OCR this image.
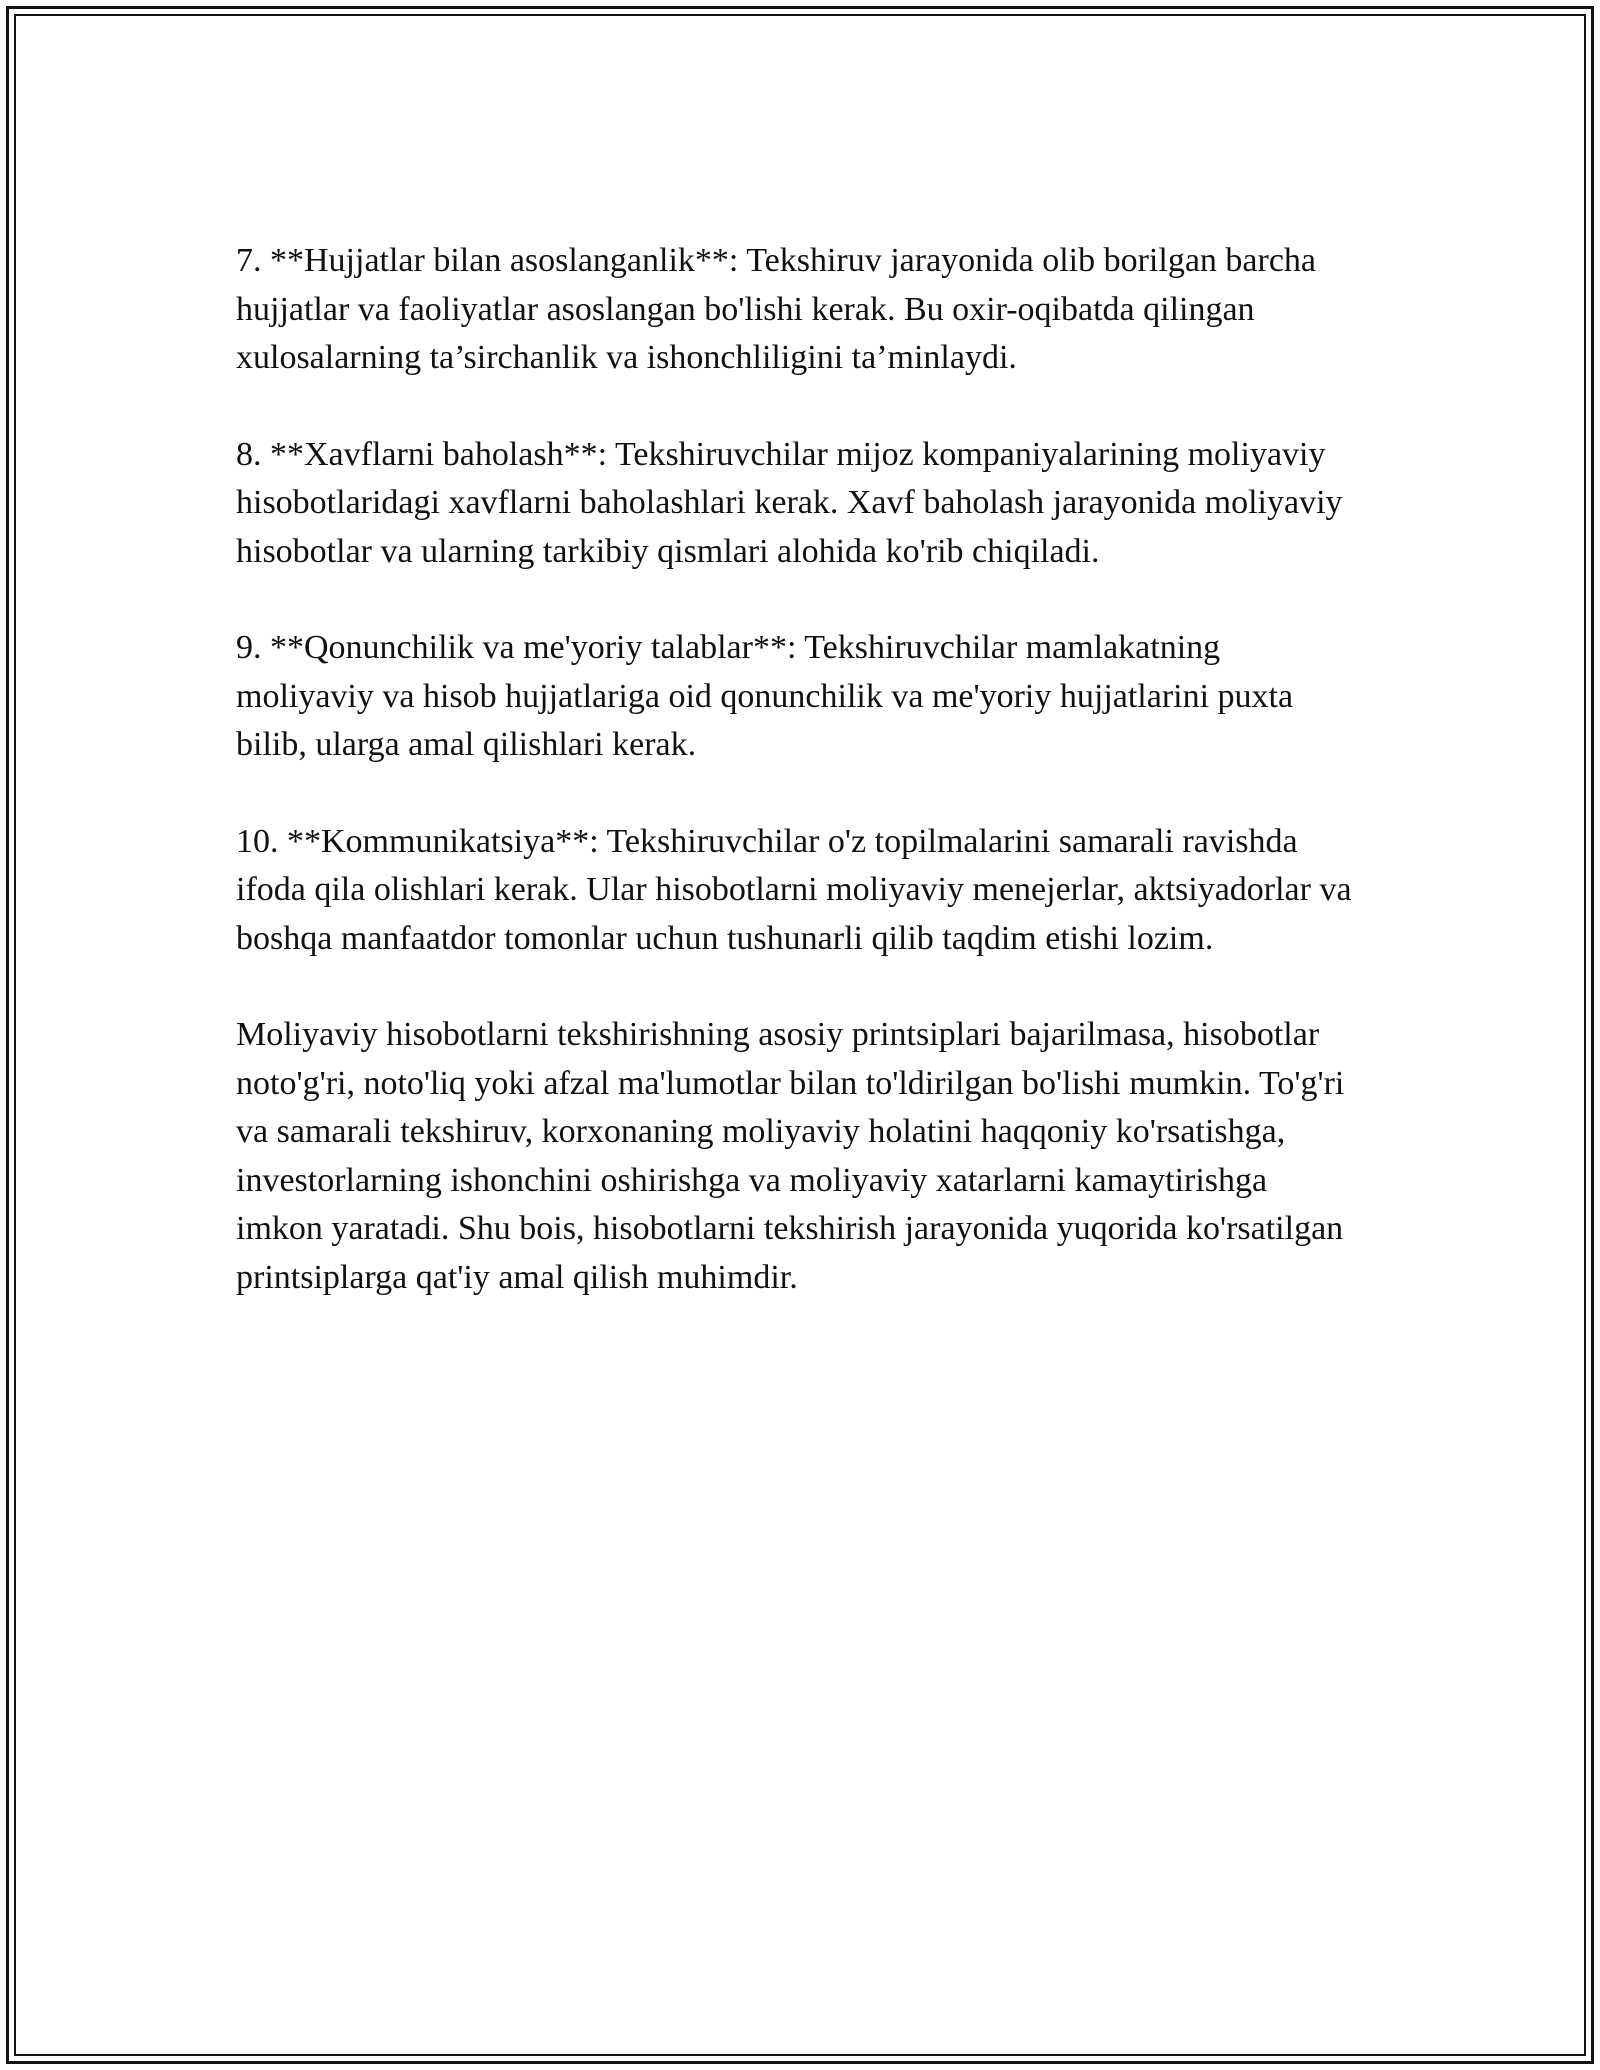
7. **Hujjatlar bilan asoslanganlik**: Tekshiruv jarayonida olib borilgan barcha hujjatlar va faoliyatlar asoslangan bo'lishi kerak. Bu oxir-oqibatda qilingan xulosalarning ta’sirchanlik va ishonchliligini ta’minlaydi.

8. **Xavflarni baholash**: Tekshiruvchilar mijoz kompaniyalarining moliyaviy hisobotlaridagi xavflarni baholashlari kerak. Xavf baholash jarayonida moliyaviy hisobotlar va ularning tarkibiy qismlari alohida ko'rib chiqiladi.

9. **Qonunchilik va me'yoriy talablar**: Tekshiruvchilar mamlakatning moliyaviy va hisob hujjatlariga oid qonunchilik va me'yoriy hujjatlarini puxta bilib, ularga amal qilishlari kerak.

10. **Kommunikatsiya**: Tekshiruvchilar o'z topilmalarini samarali ravishda ifoda qila olishlari kerak. Ular hisobotlarni moliyaviy menejerlar, aktsiyadorlar va boshqa manfaatdor tomonlar uchun tushunarli qilib taqdim etishi lozim.

Moliyaviy hisobotlarni tekshirishning asosiy printsiplari bajarilmasa, hisobotlar noto'g'ri, noto'liq yoki afzal ma'lumotlar bilan to'ldirilgan bo'lishi mumkin. To'g'ri va samarali tekshiruv, korxonaning moliyaviy holatini haqqoniy ko'rsatishga, investorlarning ishonchini oshirishga va moliyaviy xatarlarni kamaytirishga imkon yaratadi. Shu bois, hisobotlarni tekshirish jarayonida yuqorida ko'rsatilgan printsiplarga qat'iy amal qilish muhimdir.
